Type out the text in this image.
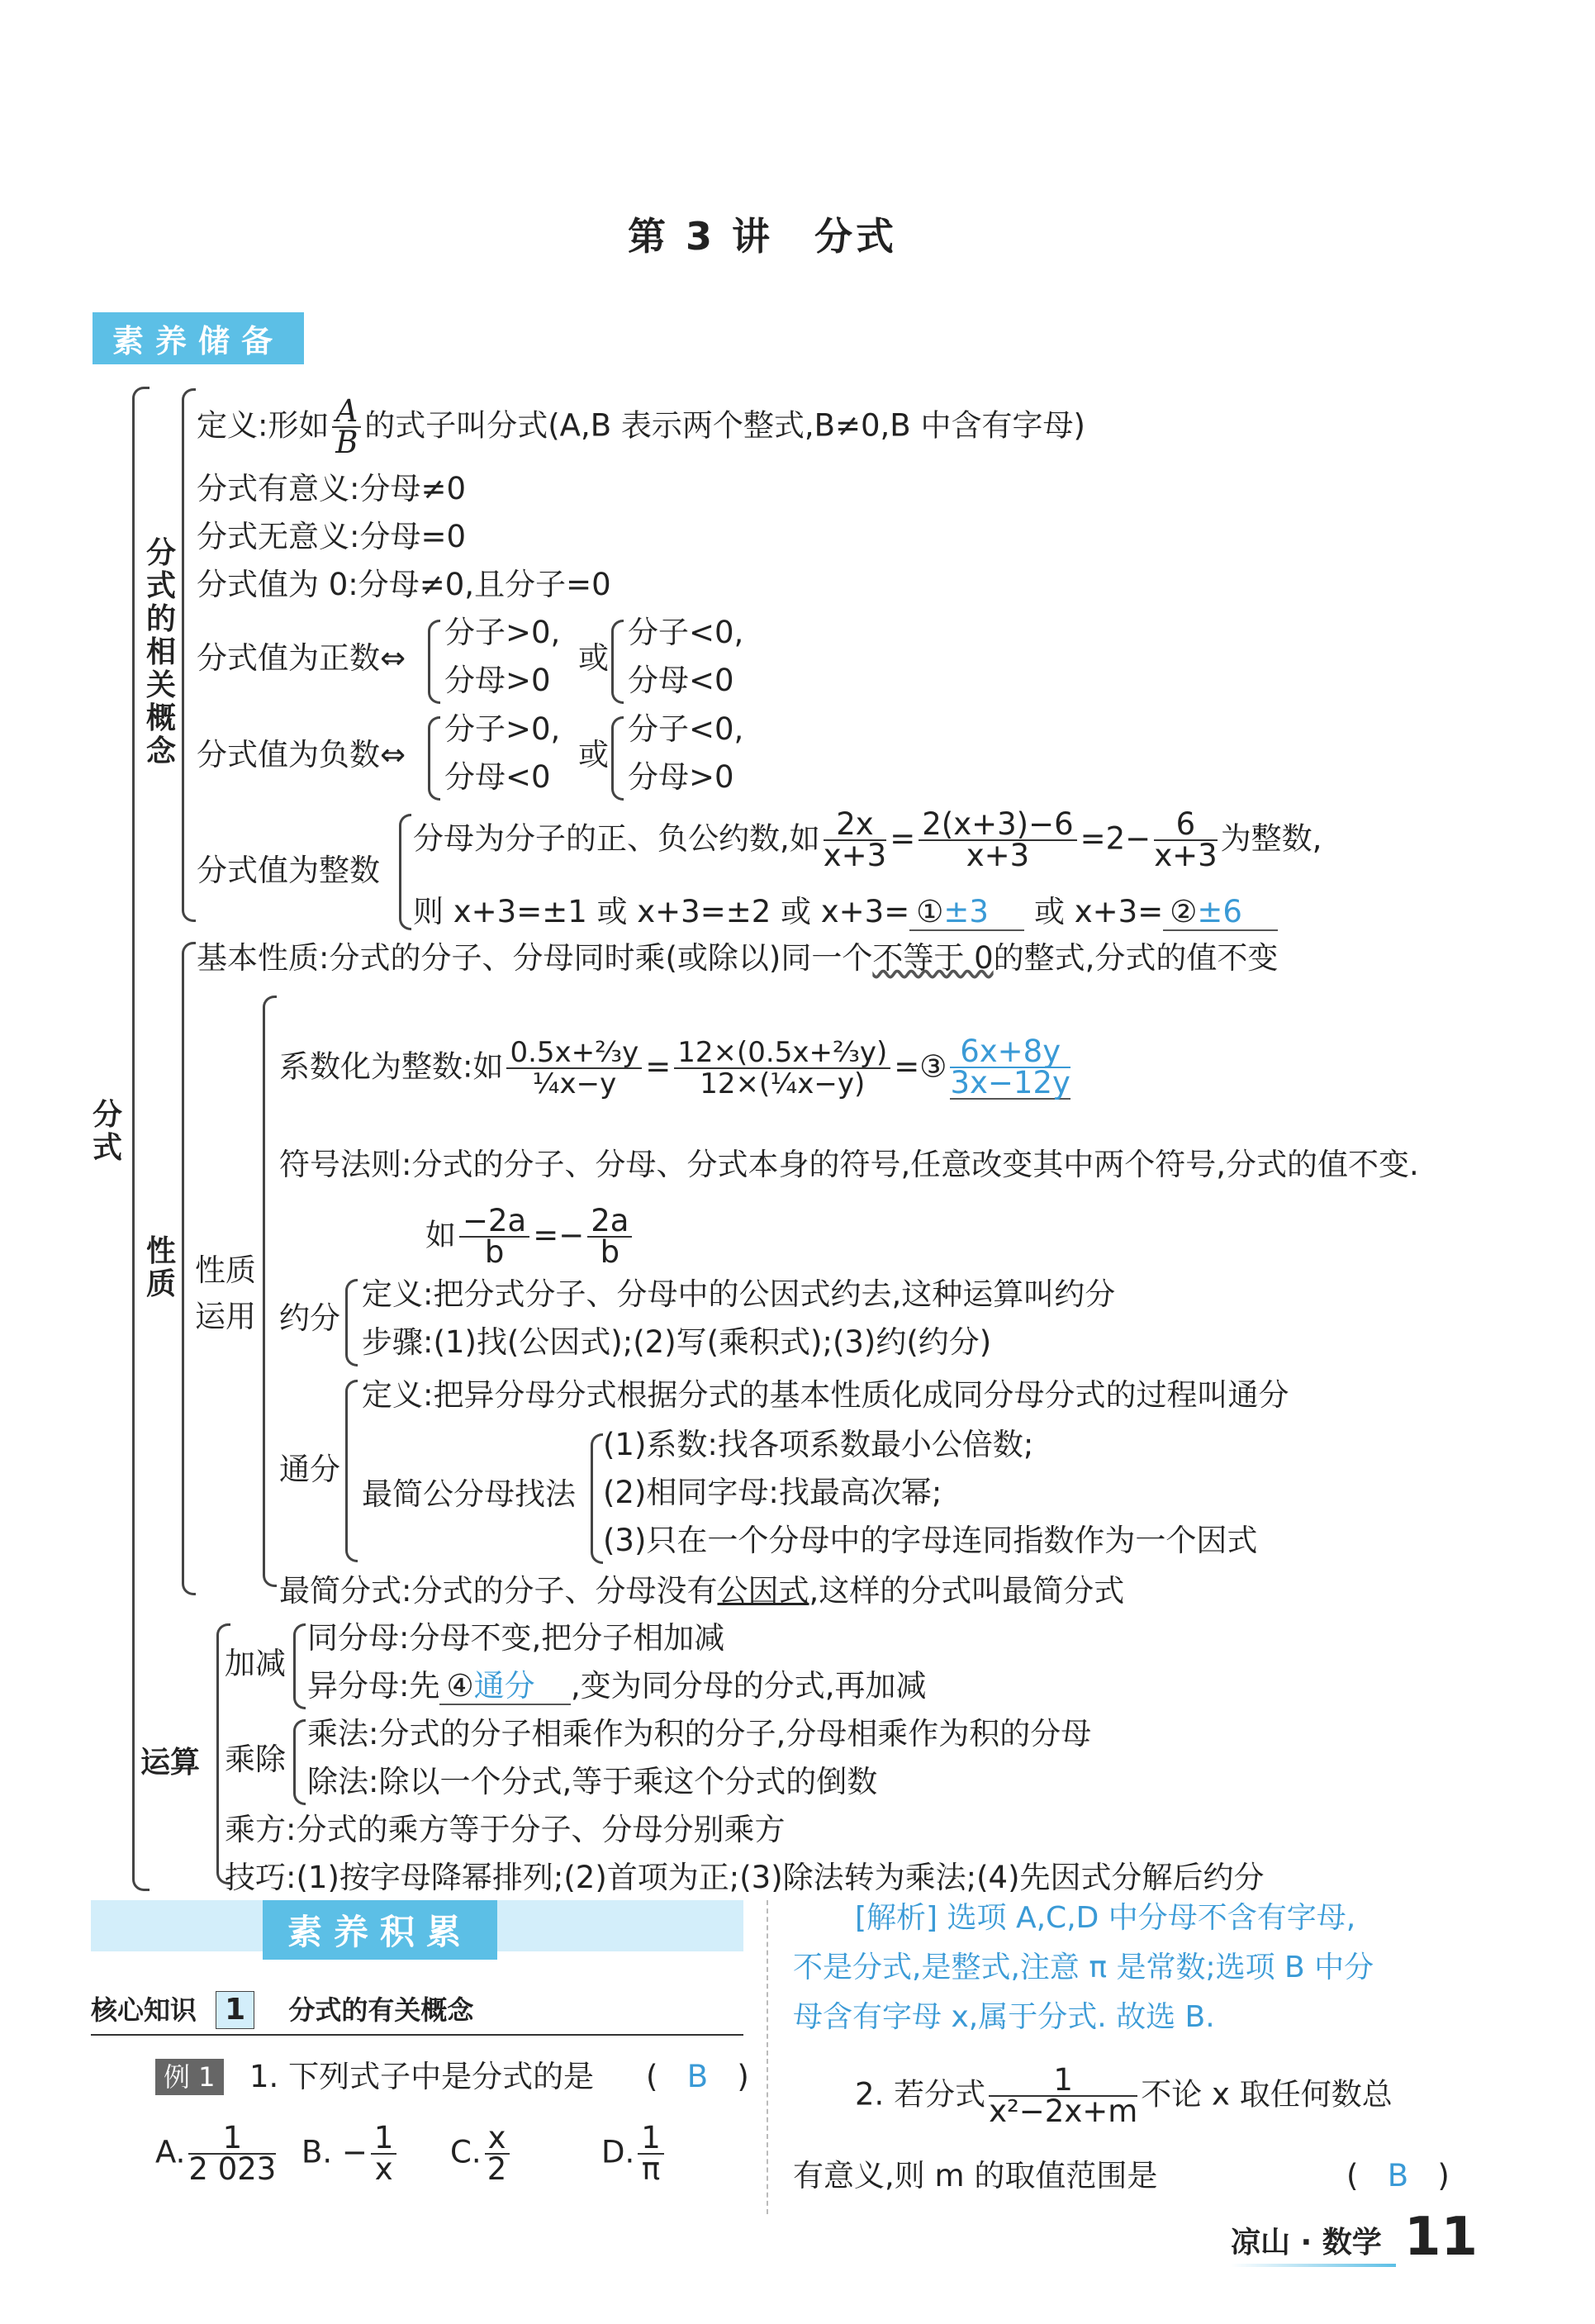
第 3 讲　分式
素养储备
分式
分式的相关概念
定义:形如 $\frac{A}{B}$ 的式子叫分式(A,B 表示两个整式,B≠0,B 中含有字母)
分式有意义:分母≠0
分式无意义:分母=0
分式值为 0:分母≠0,且分子=0
分式值为正数⇔
分子>0,
分母>0
或
分子<0,
分母<0
分式值为负数⇔
分子>0,
分母<0
或
分子<0,
分母>0
分式值为整数
分母为分子的正、负公约数,如 $\frac{2x}{x+3} = \frac{2(x+3)-6}{x+3} =2- \frac{6}{x+3}$ 为整数,
则 x+3=±1 或 x+3=±2 或 x+3= ①±3    或 x+3= ②±6
性质
基本性质:分式的分子、分母同时乘(或除以)同一个不等于 0的整式,分式的值不变
性质运用
系数化为整数:如 $\frac{\text{0.5x+⅔y}}{\text{¼x−y}} = \frac{\text{12×(0.5x+⅔y)}}{\text{12×(¼x−y)}}$ =③ $\frac{6x+8y}{3x-12y}$
符号法则:分式的分子、分母、分式本身的符号,任意改变其中两个符号,分式的值不变.
如 $\frac{-2a}{b} =- \frac{2a}{b}$
约分
定义:把分式分子、分母中的公因式约去,这种运算叫约分
步骤:(1)找(公因式);(2)写(乘积式);(3)约(约分)
通分
定义:把异分母分式根据分式的基本性质化成同分母分式的过程叫通分
最简公分母找法
(1)系数:找各项系数最小公倍数;
(2)相同字母:找最高次幂;
(3)只在一个分母中的字母连同指数作为一个因式
最简分式:分式的分子、分母没有公因式,这样的分式叫最简分式
运算
加减
同分母:分母不变,把分子相加减
异分母:先 ④通分 ,变为同分母的分式,再加减
乘除
乘法:分式的分子相乘作为积的分子,分母相乘作为积的分母
除法:除以一个分式,等于乘这个分式的倒数
乘方:分式的乘方等于分子、分母分别乘方
技巧:(1)按字母降幂排列;(2)首项为正;(3)除法转为乘法;(4)先因式分解后约分
素养积累
核心知识 1 分式的有关概念
例 1 1. 下列式子中是分式的是 ( B )
A. $\frac{1}{2 023} B$. − $\frac{1}{x} C$. $\frac{x}{2}$	D. $\frac{1}{\pi}$
[解析] 选项 A,C,D 中分母不含有字母,
不是分式,是整式,注意 π 是常数;选项 B 中分
母含有字母 x,属于分式. 故选 B.
2. 若分式 $\frac{1}{\text{x²−2x+m}}$ 不论 x 取任何数总
有意义,则 m 的取值范围是	( B )
凉山 · 数学 11
